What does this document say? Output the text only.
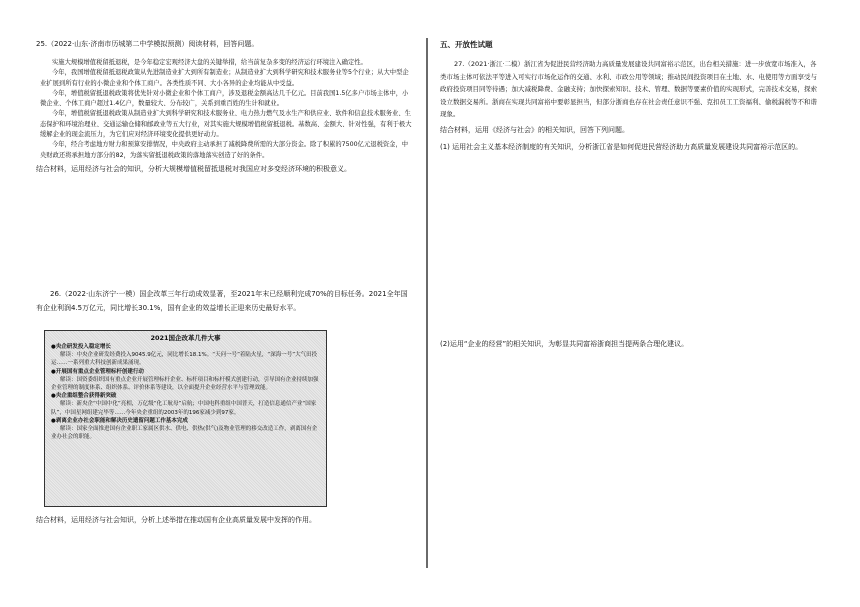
25.（2022·山东·济南市历城第二中学模拟预测）阅读材料，回答问题。

实施大规模增值税留抵退税，是今年稳定宏观经济大盘的关键举措，给当前复杂多变的经济运行环境注入确定性。

今年，我国增值税留抵退税政策从先进制造业扩大到所有制造业；从制造业扩大到科学研究和技术服务业等5个行业；从大中型企业扩展到所有行业的小微企业和个体工商户。各类性质不同、大小各异的企业均能从中受益。

今年，增值税留抵退税政策将优先针对小微企业和个体工商户，涉及退税金额高达几千亿元。目前我国1.5亿多户市场主体中，小微企业、个体工商户超过1.4亿户，数量较大、分布较广，关系到重百姓的生计和就业。

今年，增值税留抵退税政策从制造业扩大到科学研究和技术服务业、电力热力燃气及水生产和供应业、软件和信息技术服务业、生态保护和环境治理业、交通运输仓储和邮政业等五大行业，对其实施大规模增值税留抵退税。基数高、金额大、针对性强，有利于极大缓解企业的现金流压力，为它们应对经济环境变化提供更好动力。

今年，经合考虑地方财力和预算安排情况，中央政府主动承担了减税降费所需的大部分资金。除了积累的7500亿元退税资金，中央财政还将承担地方部分的82，为落实留抵退税政策的落地落实创造了好的条件。

结合材料，运用经济与社会的知识，分析大规模增值税留抵退税对我国应对多变经济环境的积极意义。

26.（2022·山东济宁·一模）国企改革三年行动成效显著，至2021年末已经顺利完成70%的目标任务。2021全年国有企业利润4.5万亿元，同比增长30.1%，国有企业的效益增长正迎来历史最好水平。

2021国企改革几件大事
●央企研发投入稳定增长
解读：中央企业研发经费投入9045.9亿元，同比增长18.1%。“天问一号”着陆火星，“深海一号”大气田投运……一系列重大科技创新成果涌现。
●开展国有重点企业管理标杆创建行动
解读：国资委组织国有重点企业开展管理标杆企业、标杆项目和标杆模式创建行动，引导国有企业持续加强企业管理的制度体系、组织体系、评价体系等建设，以全面提升企业经营水平与管理效能。
●央企重组整合获得新突破
解读：新央企“中国中化”亮相，万亿级“化工航母”启航；中国电科重组中国普天，打造信息通信产业“国家队”，中国星网组建完毕等……今年央企重组的2003年的196家减少到97家。
●剥离企业办社会职能和解决历史遗留问题工作基本完成
解读：国家全面推进国有企业职工家属区供水、供电、供热(供气)及物业管理的移交改造工作，剥离国有企业办社会的职能。

结合材料，运用经济与社会知识，分析上述举措在推动国有企业高质量发展中发挥的作用。

五、开放性试题

27.（2021·浙江·二模）浙江省为促进民营经济助力高质量发展建设共同富裕示范区，出台相关措施：进一步放宽市场准入，各类市场主体可依法平等进入可实行市场化运作的交通、水利、市政公用等领域；推动民间投资项目在土地、水、电使用等方面享受与政府投资项目同等待遇；加大减税降费、金融支持；加快探索知识、技术、管理、数据等要素价值的实现形式，完善技术交易，探索设立数据交易所。浙商在实现共同富裕中要彰显担当，但部分浙商也存在社会责任意识不强、克扣员工工资福利、偷税漏税等不和谐现象。

结合材料，运用《经济与社会》的相关知识，回答下列问题。

(1) 运用社会主义基本经济制度的有关知识，分析浙江省是如何促进民营经济助力高质量发展建设共同富裕示范区的。

(2)运用“企业的经营”的相关知识，为彰显共同富裕浙商担当提两条合理化建议。
